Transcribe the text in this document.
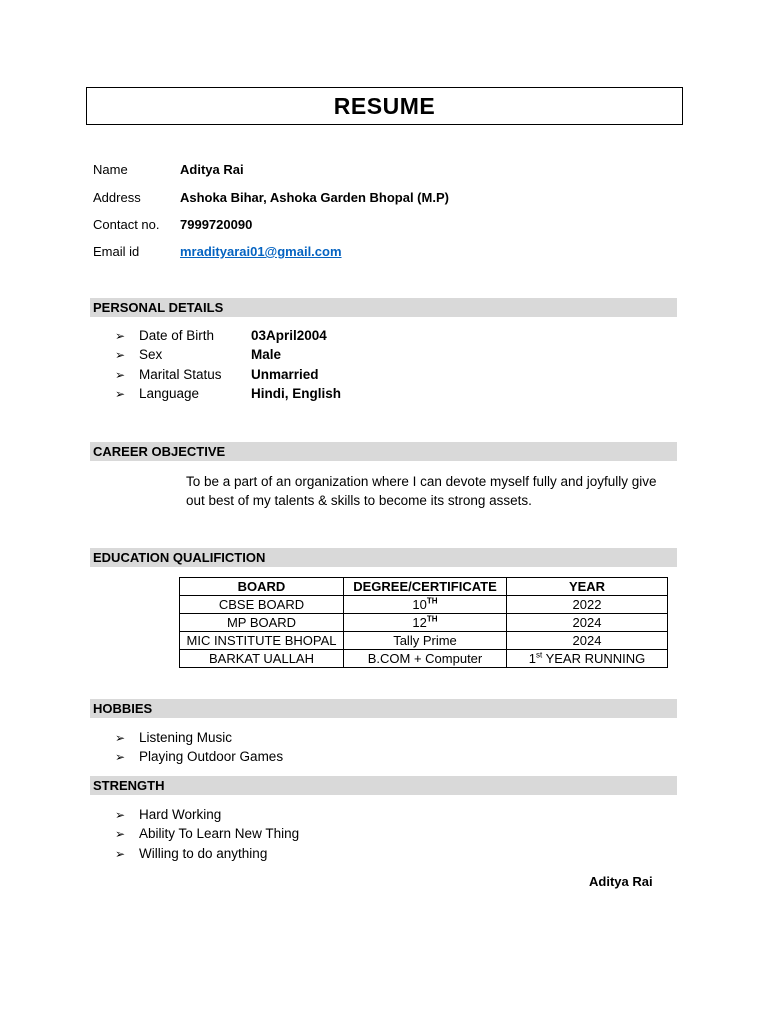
RESUME
Name	Aditya Rai
Address	Ashoka Bihar, Ashoka Garden Bhopal (M.P)
Contact no. 7999720090
Email id	mradityarai01@gmail.com
PERSONAL DETAILS
➢ Date of Birth	03April2004
➢ Sex	Male
➢ Marital Status Unmarried
➢ Language	Hindi, English
CAREER OBJECTIVE
To be a part of an organization where I can devote myself fully and joyfully give out best of my talents & skills to become its strong assets.
EDUCATION QUALIFICTION
BOARD	DEGREE/CERTIFICATE	YEAR
CBSE BOARD	10TH	2022
MP BOARD	12TH	2024
MIC INSTITUTE BHOPAL	Tally Prime	2024
BARKAT UALLAH	B.COM + Computer	1st YEAR RUNNING
HOBBIES
➢ Listening Music
➢ Playing Outdoor Games
STRENGTH
➢ Hard Working
➢ Ability To Learn New Thing
➢ Willing to do anything
Aditya Rai
